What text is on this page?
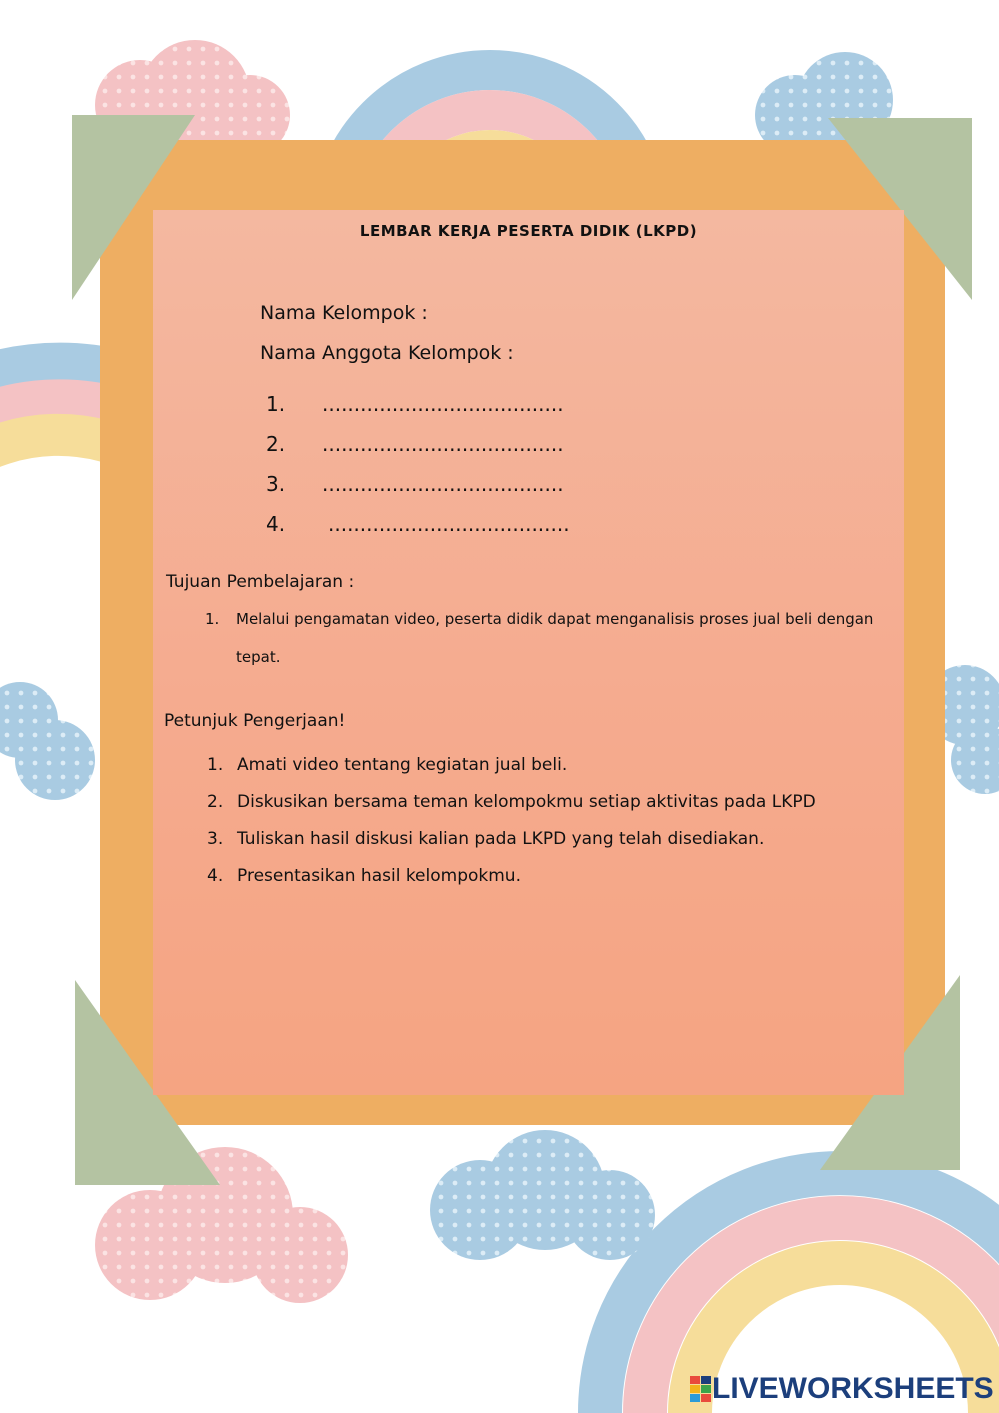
LEMBAR KERJA PESERTA DIDIK (LKPD)
Nama Kelompok :
Nama Anggota Kelompok :
1. ......................................
2. ......................................
3. ......................................
4. ......................................
Tujuan Pembelajaran :
1. Melalui pengamatan video, peserta didik dapat menganalisis proses jual beli dengan tepat.
Petunjuk Pengerjaan!
1. Amati video tentang kegiatan jual beli.
2. Diskusikan bersama teman kelompokmu setiap aktivitas pada LKPD
3. Tuliskan hasil diskusi kalian pada LKPD yang telah disediakan.
4. Presentasikan hasil kelompokmu.
LIVEWORKSHEETS
